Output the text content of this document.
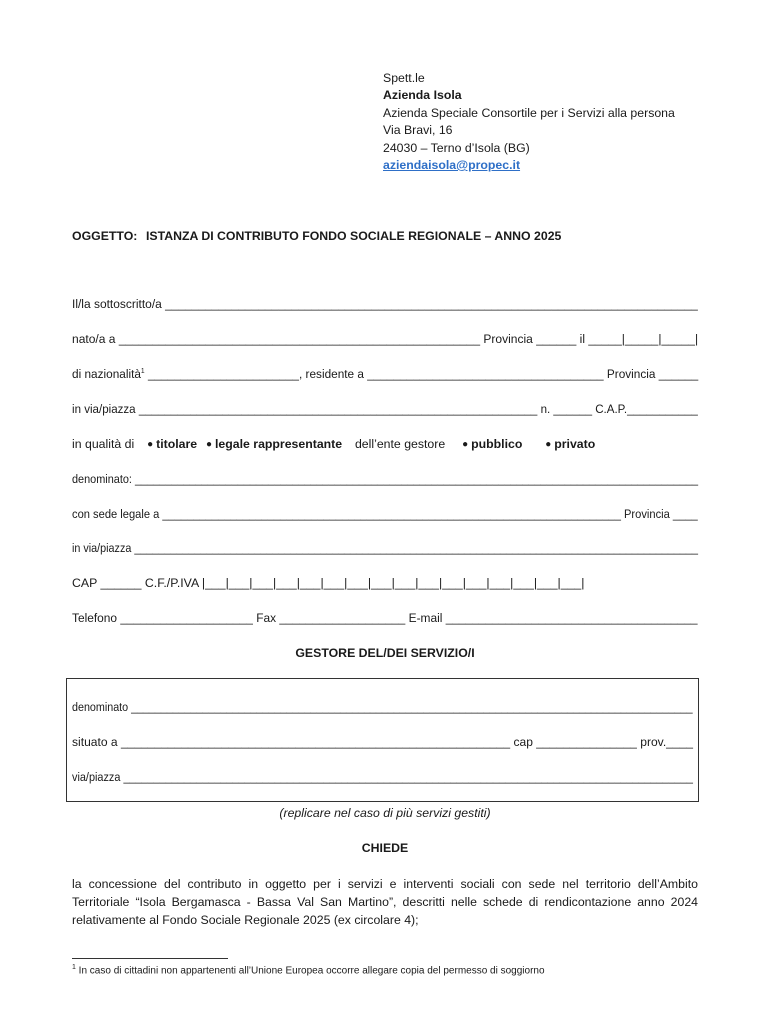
Spett.le
Azienda Isola
Azienda Speciale Consortile per i Servizi alla persona
Via Bravi, 16
24030 – Terno d’Isola (BG)
aziendaisola@propec.it
OGGETTO: ISTANZA DI CONTRIBUTO FONDO SOCIALE REGIONALE – ANNO 2025
Il/la sottoscritto/a ________________________________________________________________________________
nato/a a ______________________________________________________ Provincia ______ il _____|_____|_____|
di nazionalità$^1$ _______________________, residente a ____________________________________ Provincia ______
in via/piazza ______________________________________________________________ n. ______ C.A.P.___________
in qualità di ● titolare ● legale rappresentante dell’ente gestore ● pubblico ● privato
denominato: _____________________________________________________________________________________________
con sede legale a __________________________________________________________________________ Provincia ____
in via/piazza ______________________________________________________________________________________________
CAP ______ C.F./P.IVA |___|___|___|___|___|___|___|___|___|___|___|___|___|___|___|___|
Telefono ____________________ Fax ___________________ E-mail ______________________________________
GESTORE DEL/DEI SERVIZIO/I
denominato ______________________________________________________________________________________________
situato a __________________________________________________________ cap _______________ prov.____
via/piazza ______________________________________________________________________________________________
(replicare nel caso di più servizi gestiti)
CHIEDE
la concessione del contributo in oggetto per i servizi e interventi sociali con sede nel territorio dell’Ambito Territoriale “Isola Bergamasca - Bassa Val San Martino”, descritti nelle schede di rendicontazione anno 2024 relativamente al Fondo Sociale Regionale 2025 (ex circolare 4);
$^1$ In caso di cittadini non appartenenti all’Unione Europea occorre allegare copia del permesso di soggiorno
